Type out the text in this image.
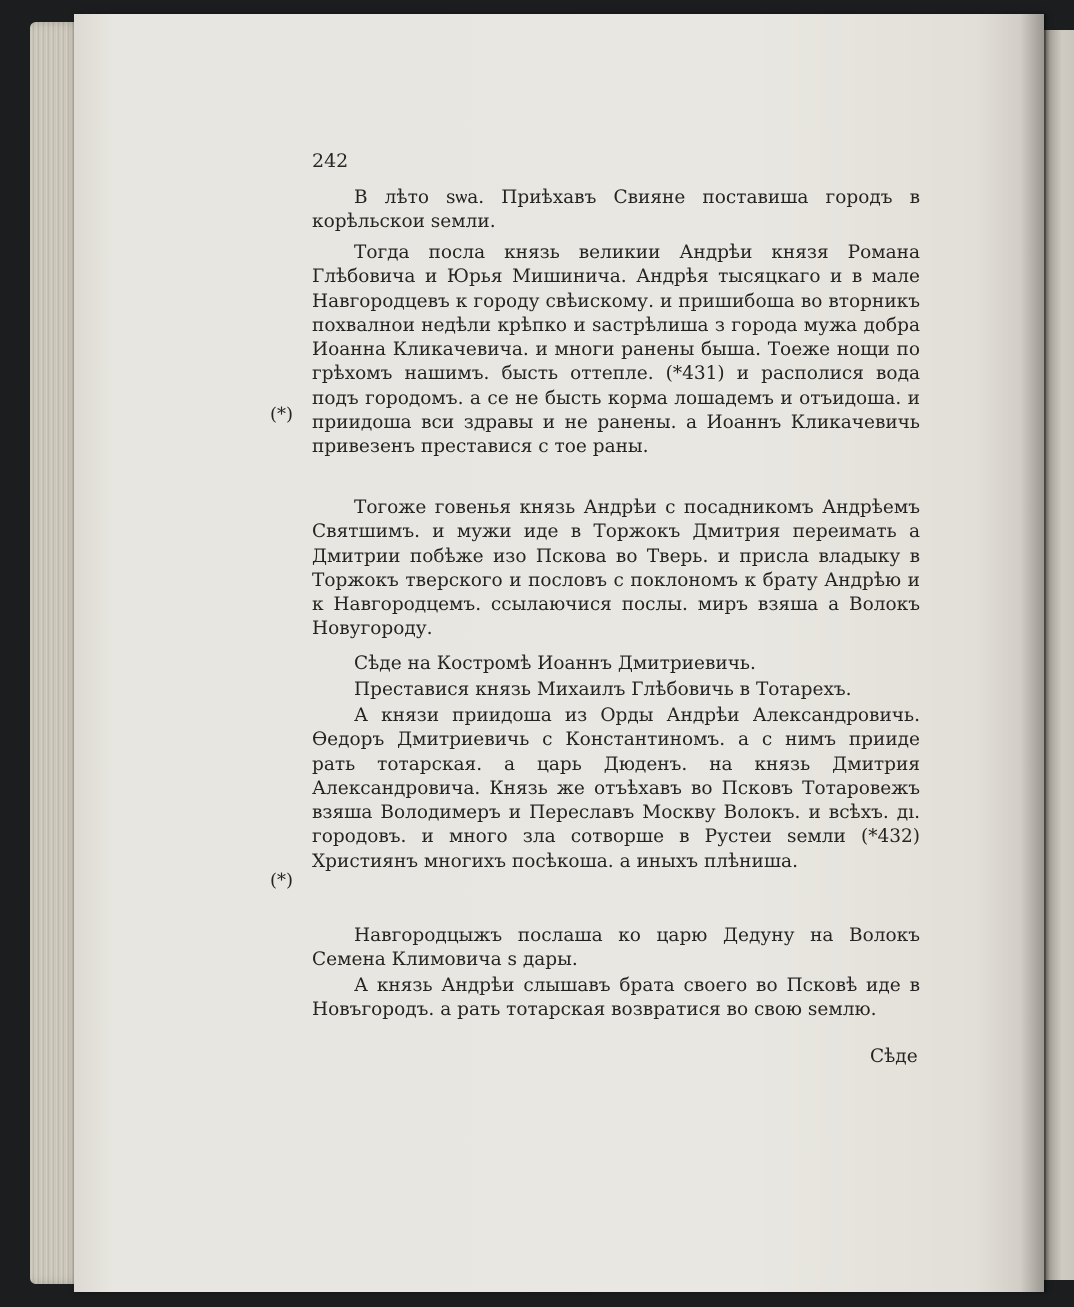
242
В лѣто ѕѡа. Приѣхавъ Свияне поставиша городъ в корѣльскои ѕемли.
Тогда посла князь великии Андрѣи князя Романа Глѣбовича и Юрья Мишинича. Андрѣя тысяцкаго и в мале Навгородцевъ к городу свѣискому. и пришибоша во вторникъ похвалнои недѣли крѣпко и ѕастрѣлиша з города мужа добра Иоанна Кликачевича. и многи ранены быша. Тоеже нощи по грѣхомъ нашимъ. бысть оттепле. (*431) и располися вода подъ городомъ. а се не бысть корма лошадемъ и отъидоша. и приидоша вси здравы и не ранены. а Иоаннъ Кликачевичь привезенъ преставися с тое раны.
Тогоже говенья князь Андрѣи с посадникомъ Андрѣемъ Святшимъ. и мужи иде в Торжокъ Дмитрия переимать а Дмитрии побѣже изо Пскова во Тверь. и присла владыку в Торжокъ тверского и пословъ с поклономъ к брату Андрѣю и к Навгородцемъ. ссылаючися послы. миръ взяша а Волокъ Новугороду.
Сѣде на Костромѣ Иоаннъ Дмитриевичь.
Преставися князь Михаилъ Глѣбовичь в Тотарехъ.
А князи приидоша из Орды Андрѣи Александровичь. Ѳедоръ Дмитриевичь с Константиномъ. а с нимъ прииде рать тотарская. а царь Дюденъ. на князь Дмитрия Александровича. Князь же отъѣхавъ во Псковъ Тотаровежъ взяша Володимеръ и Переславъ Москву Волокъ. и всѣхъ. дı. городовъ. и много зла сотворше в Рустеи ѕемли (*432) Християнъ многихъ посѣкоша. а иныхъ плѣниша.
Навгородцыжъ послаша ко царю Дедуну на Волокъ Семена Климовича ѕ дары.
А князь Андрѣи слышавъ брата своего во Псковѣ иде в Новъгородъ. а рать тотарская возвратися во свою ѕемлю.
(*)
(*)
Сѣде
